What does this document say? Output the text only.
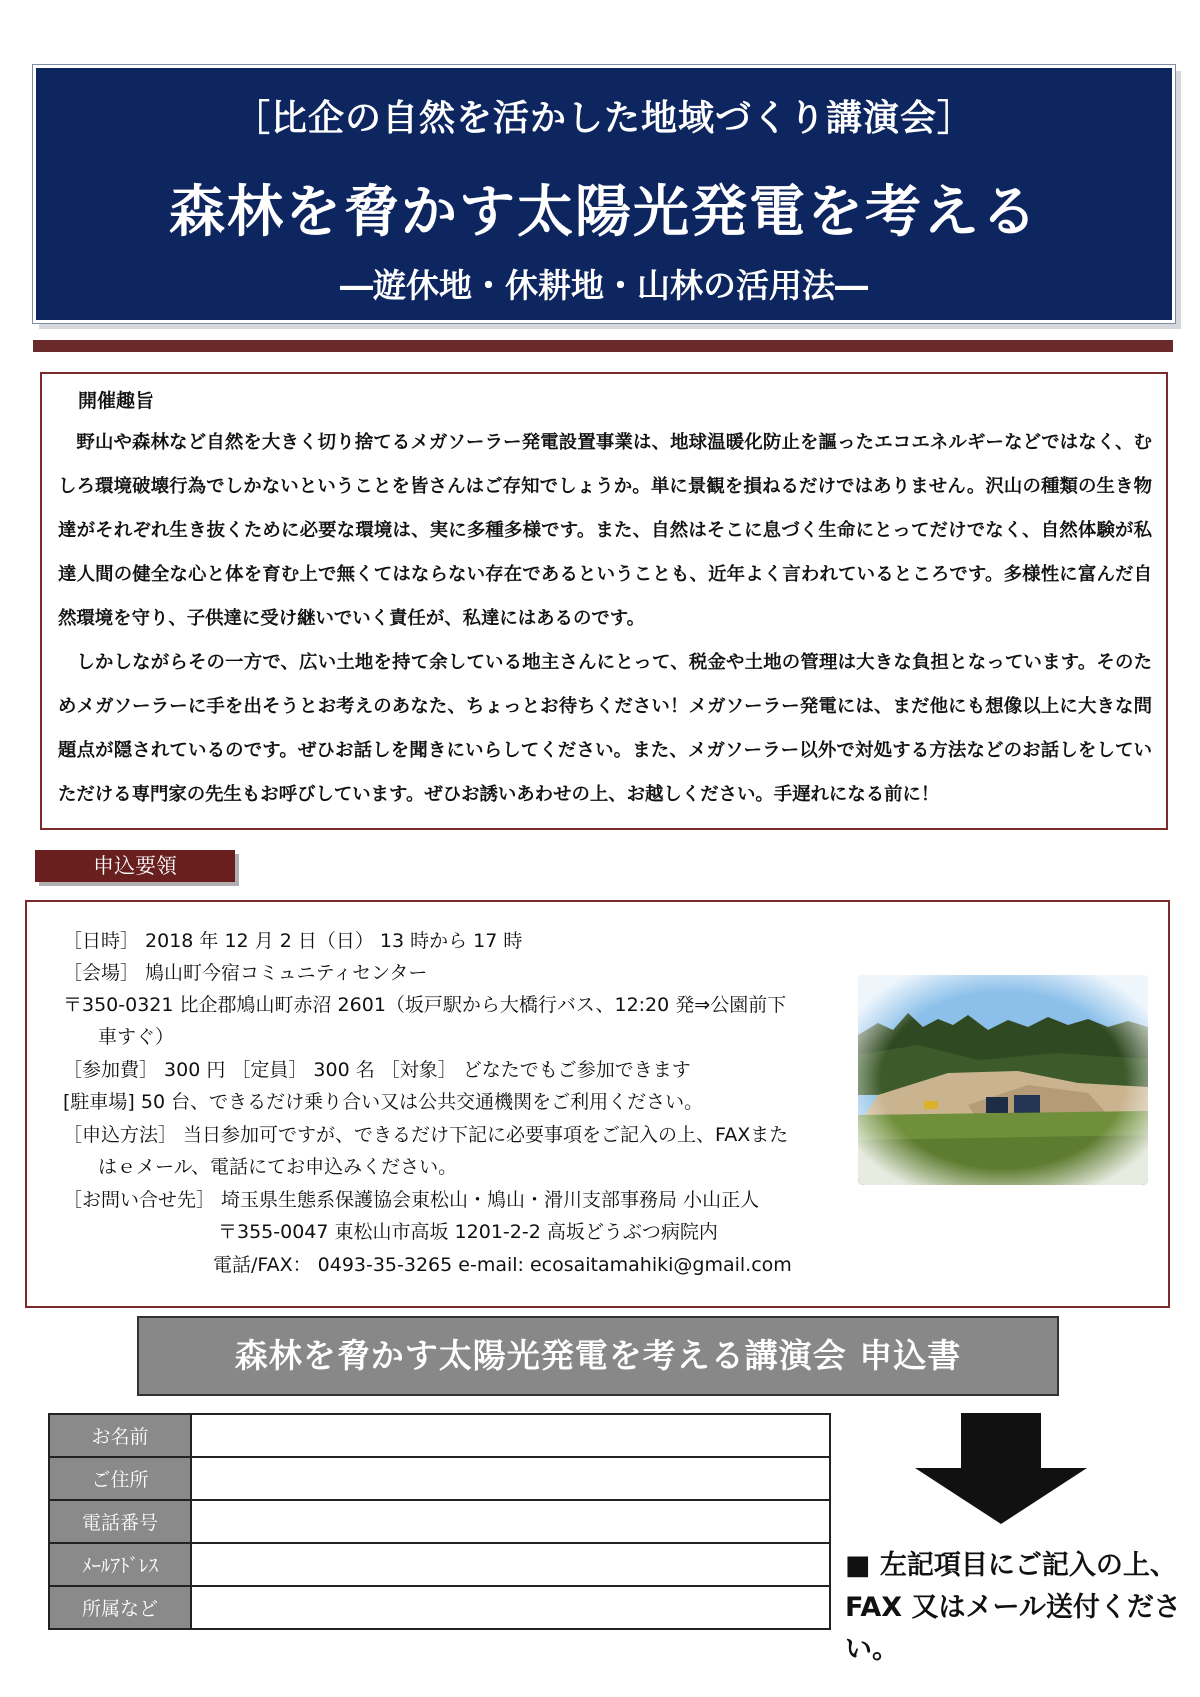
［比企の自然を活かした地域づくり講演会］
森林を脅かす太陽光発電を考える
―遊休地・休耕地・山林の活用法―
開催趣旨

野山や森林など自然を大きく切り捨てるメガソーラー発電設置事業は、地球温暖化防止を謳ったエコエネルギーなどではなく、むしろ環境破壊行為でしかないということを皆さんはご存知でしょうか。単に景観を損ねるだけではありません。沢山の種類の生き物達がそれぞれ生き抜くために必要な環境は、実に多種多様です。また、自然はそこに息づく生命にとってだけでなく、自然体験が私達人間の健全な心と体を育む上で無くてはならない存在であるということも、近年よく言われているところです。多様性に富んだ自然環境を守り、子供達に受け継いでいく責任が、私達にはあるのです。

しかしながらその一方で、広い土地を持て余している地主さんにとって、税金や土地の管理は大きな負担となっています。そのためメガソーラーに手を出そうとお考えのあなた、ちょっとお待ちください！メガソーラー発電には、まだ他にも想像以上に大きな問題点が隠されているのです。ぜひお話しを聞きにいらしてください。また、メガソーラー以外で対処する方法などのお話しをしていただける専門家の先生もお呼びしています。ぜひお誘いあわせの上、お越しください。手遅れになる前に！

申込要領
［日時］ 2018 年 12 月 2 日（日） 13 時から 17 時
［会場］ 鳩山町今宿コミュニティセンター
〒350-0321 比企郡鳩山町赤沼 2601（坂戸駅から大橋行バス、12:20 発⇒公園前下
車すぐ）
［参加費］ 300 円 ［定員］ 300 名 ［対象］ どなたでもご参加できます
[駐車場] 50 台、できるだけ乗り合い又は公共交通機関をご利用ください。
［申込方法］ 当日参加可ですが、できるだけ下記に必要事項をご記入の上、FAXまた
はｅメール、電話にてお申込みください。
［お問い合せ先］ 埼玉県生態系保護協会東松山・鳩山・滑川支部事務局 小山正人
〒355-0047 東松山市高坂 1201-2-2 高坂どうぶつ病院内
電話/FAX： 0493-35-3265 e-mail: ecosaitamahiki@gmail.com
森林を脅かす太陽光発電を考える講演会 申込書
お名前	
ご住所	
電話番号	
ﾒｰﾙｱﾄﾞﾚｽ	
所属など	
■ 左記項目にご記入の上、FAX 又はメール送付ください。
